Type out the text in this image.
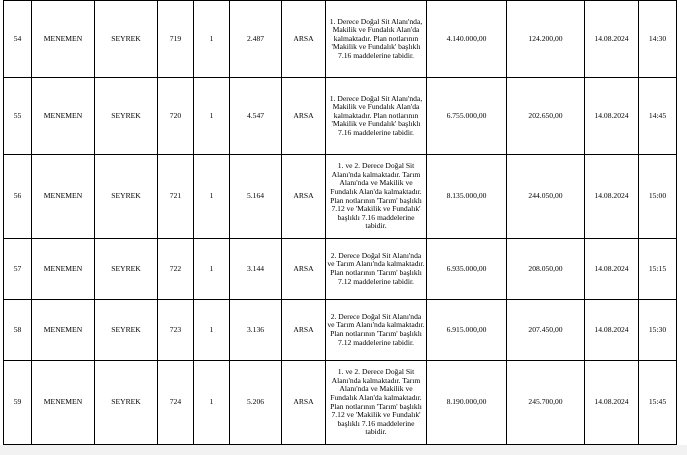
54	MENEMEN	SEYREK	719	1	2.487	ARSA	1. Derece Doğal Sit Alanı'nda, Makilik ve Fundalık Alan'da kalmaktadır. Plan notlarının 'Makilik ve Fundalık' başlıklı 7.16 maddelerine tabidir.	4.140.000,00	124.200,00	14.08.2024	14:30
55	MENEMEN	SEYREK	720	1	4.547	ARSA	1. Derece Doğal Sit Alanı'nda, Makilik ve Fundalık Alan'da kalmaktadır. Plan notlarının 'Makilik ve Fundalık' başlıklı 7.16 maddelerine tabidir.	6.755.000,00	202.650,00	14.08.2024	14:45
56	MENEMEN	SEYREK	721	1	5.164	ARSA	1. ve 2. Derece Doğal Sit Alanı'nda kalmaktadır. Tarım Alanı'nda ve Makilik ve Fundalık Alan'da kalmaktadır. Plan notlarının 'Tarım' başlıklı 7.12 ve 'Makilik ve Fundalık' başlıklı 7.16 maddelerine tabidir.	8.135.000,00	244.050,00	14.08.2024	15:00
57	MENEMEN	SEYREK	722	1	3.144	ARSA	2. Derece Doğal Sit Alanı'nda ve Tarım Alanı'nda kalmaktadır. Plan notlarının 'Tarım' başlıklı 7.12 maddelerine tabidir.	6.935.000,00	208.050,00	14.08.2024	15:15
58	MENEMEN	SEYREK	723	1	3.136	ARSA	2. Derece Doğal Sit Alanı'nda ve Tarım Alanı'nda kalmaktadır. Plan notlarının 'Tarım' başlıklı 7.12 maddelerine tabidir.	6.915.000,00	207.450,00	14.08.2024	15:30
59	MENEMEN	SEYREK	724	1	5.206	ARSA	1. ve 2. Derece Doğal Sit Alanı'nda kalmaktadır. Tarım Alanı'nda ve Makilik ve Fundalık Alan'da kalmaktadır. Plan notlarının 'Tarım' başlıklı 7.12 ve 'Makilik ve Fundalık' başlıklı 7.16 maddelerine tabidir.	8.190.000,00	245.700,00	14.08.2024	15:45
